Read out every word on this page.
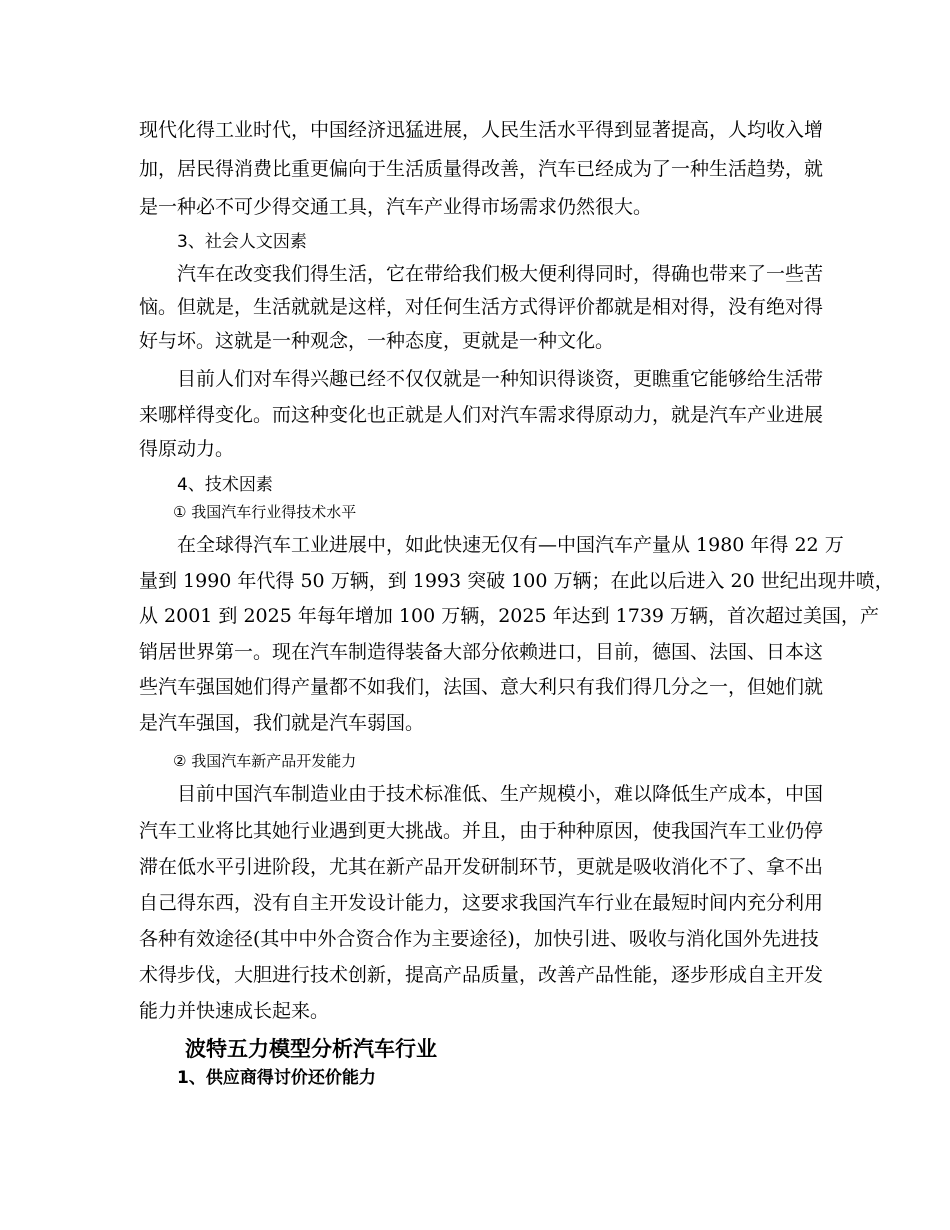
现代化得工业时代，中国经济迅猛进展，人民生活水平得到显著提高，人均收入增
加，居民得消费比重更偏向于生活质量得改善，汽车已经成为了一种生活趋势，就
是一种必不可少得交通工具，汽车产业得市场需求仍然很大。
3、社会人文因素
汽车在改变我们得生活，它在带给我们极大便利得同时，得确也带来了一些苦
恼。但就是，生活就就是这样，对任何生活方式得评价都就是相对得，没有绝对得
好与坏。这就是一种观念，一种态度，更就是一种文化。
目前人们对车得兴趣已经不仅仅就是一种知识得谈资，更瞧重它能够给生活带
来哪样得变化。而这种变化也正就是人们对汽车需求得原动力，就是汽车产业进展
得原动力。
4、技术因素
① 我国汽车行业得技术水平
在全球得汽车工业进展中，如此快速无仅有—中国汽车产量从 1980 年得 22 万
量到 1990 年代得 50 万辆，到 1993 突破 100 万辆；在此以后进入 20 世纪出现井喷，
从 2001 到 2025 年每年增加 100 万辆，2025 年达到 1739 万辆，首次超过美国，产
销居世界第一。现在汽车制造得装备大部分依赖进口，目前，德国、法国、日本这
些汽车强国她们得产量都不如我们，法国、意大利只有我们得几分之一，但她们就
是汽车强国，我们就是汽车弱国。
② 我国汽车新产品开发能力
目前中国汽车制造业由于技术标准低、生产规模小，难以降低生产成本，中国
汽车工业将比其她行业遇到更大挑战。并且，由于种种原因，使我国汽车工业仍停
滞在低水平引进阶段，尤其在新产品开发研制环节，更就是吸收消化不了、拿不出
自己得东西，没有自主开发设计能力，这要求我国汽车行业在最短时间内充分利用
各种有效途径(其中中外合资合作为主要途径)，加快引进、吸收与消化国外先进技
术得步伐，大胆进行技术创新，提高产品质量，改善产品性能，逐步形成自主开发
能力并快速成长起来。
波特五力模型分析汽车行业
1、供应商得讨价还价能力
